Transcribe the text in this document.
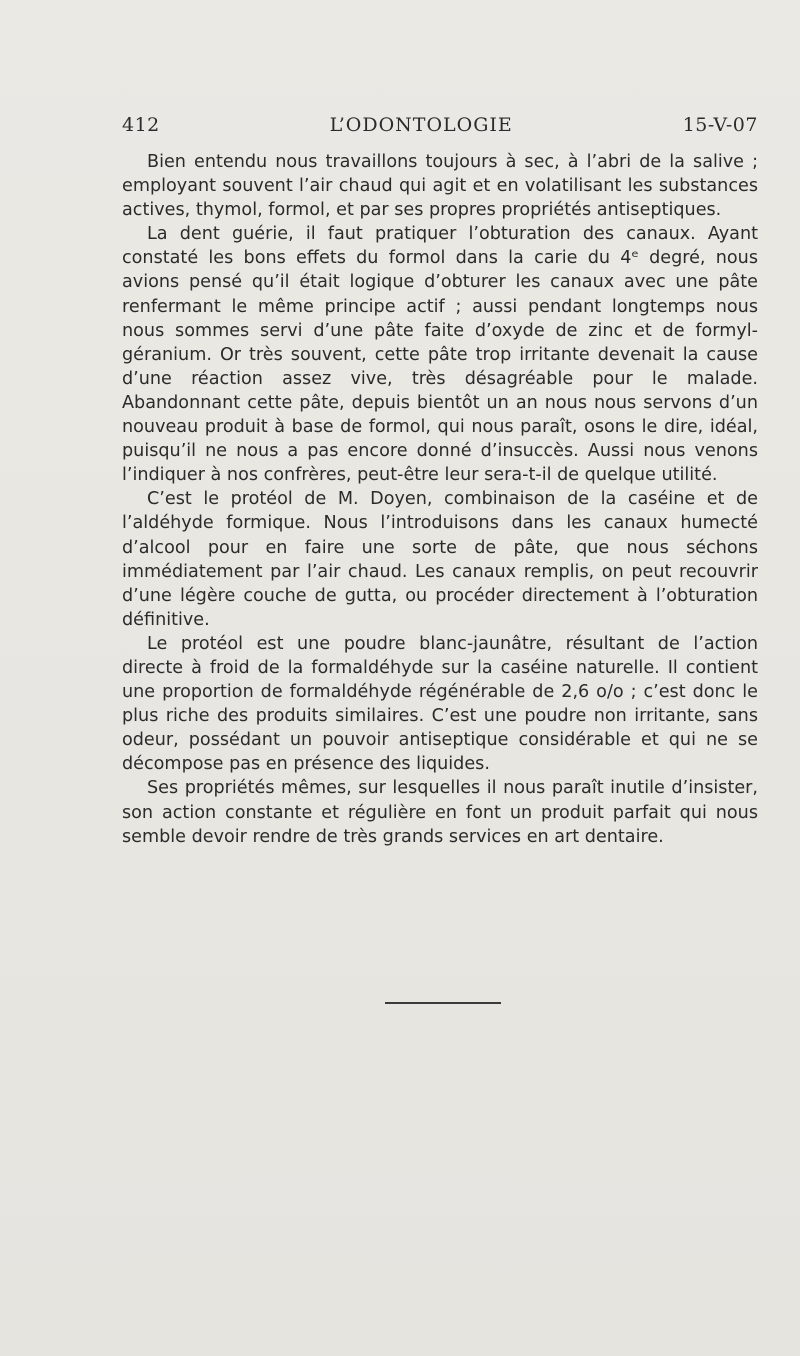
412	L’ODONTOLOGIE	15-V-07

Bien entendu nous travaillons toujours à sec, à l’abri de la salive ; employant souvent l’air chaud qui agit et en volatilisant les substances actives, thymol, formol, et par ses propres propriétés antiseptiques.

La dent guérie, il faut pratiquer l’obturation des canaux. Ayant constaté les bons effets du formol dans la carie du 4ᵉ degré, nous avions pensé qu’il était logique d’obturer les canaux avec une pâte renfermant le même principe actif ; aussi pendant longtemps nous nous sommes servi d’une pâte faite d’oxyde de zinc et de formyl-géranium. Or très souvent, cette pâte trop irritante devenait la cause d’une réaction assez vive, très désagréable pour le malade. Abandonnant cette pâte, depuis bientôt un an nous nous servons d’un nouveau produit à base de formol, qui nous paraît, osons le dire, idéal, puisqu’il ne nous a pas encore donné d’insuccès. Aussi nous venons l’indiquer à nos confrères, peut-être leur sera-t-il de quelque utilité.

C’est le protéol de M. Doyen, combinaison de la caséine et de l’aldéhyde formique. Nous l’introduisons dans les canaux humecté d’alcool pour en faire une sorte de pâte, que nous séchons immédiatement par l’air chaud. Les canaux remplis, on peut recouvrir d’une légère couche de gutta, ou procéder directement à l’obturation définitive.

Le protéol est une poudre blanc-jaunâtre, résultant de l’action directe à froid de la formaldéhyde sur la caséine naturelle. Il contient une proportion de formaldéhyde régénérable de 2,6 o/o ; c’est donc le plus riche des produits similaires. C’est une poudre non irritante, sans odeur, possédant un pouvoir antiseptique considérable et qui ne se décompose pas en présence des liquides.

Ses propriétés mêmes, sur lesquelles il nous paraît inutile d’insister, son action constante et régulière en font un produit parfait qui nous semble devoir rendre de très grands services en art dentaire.
